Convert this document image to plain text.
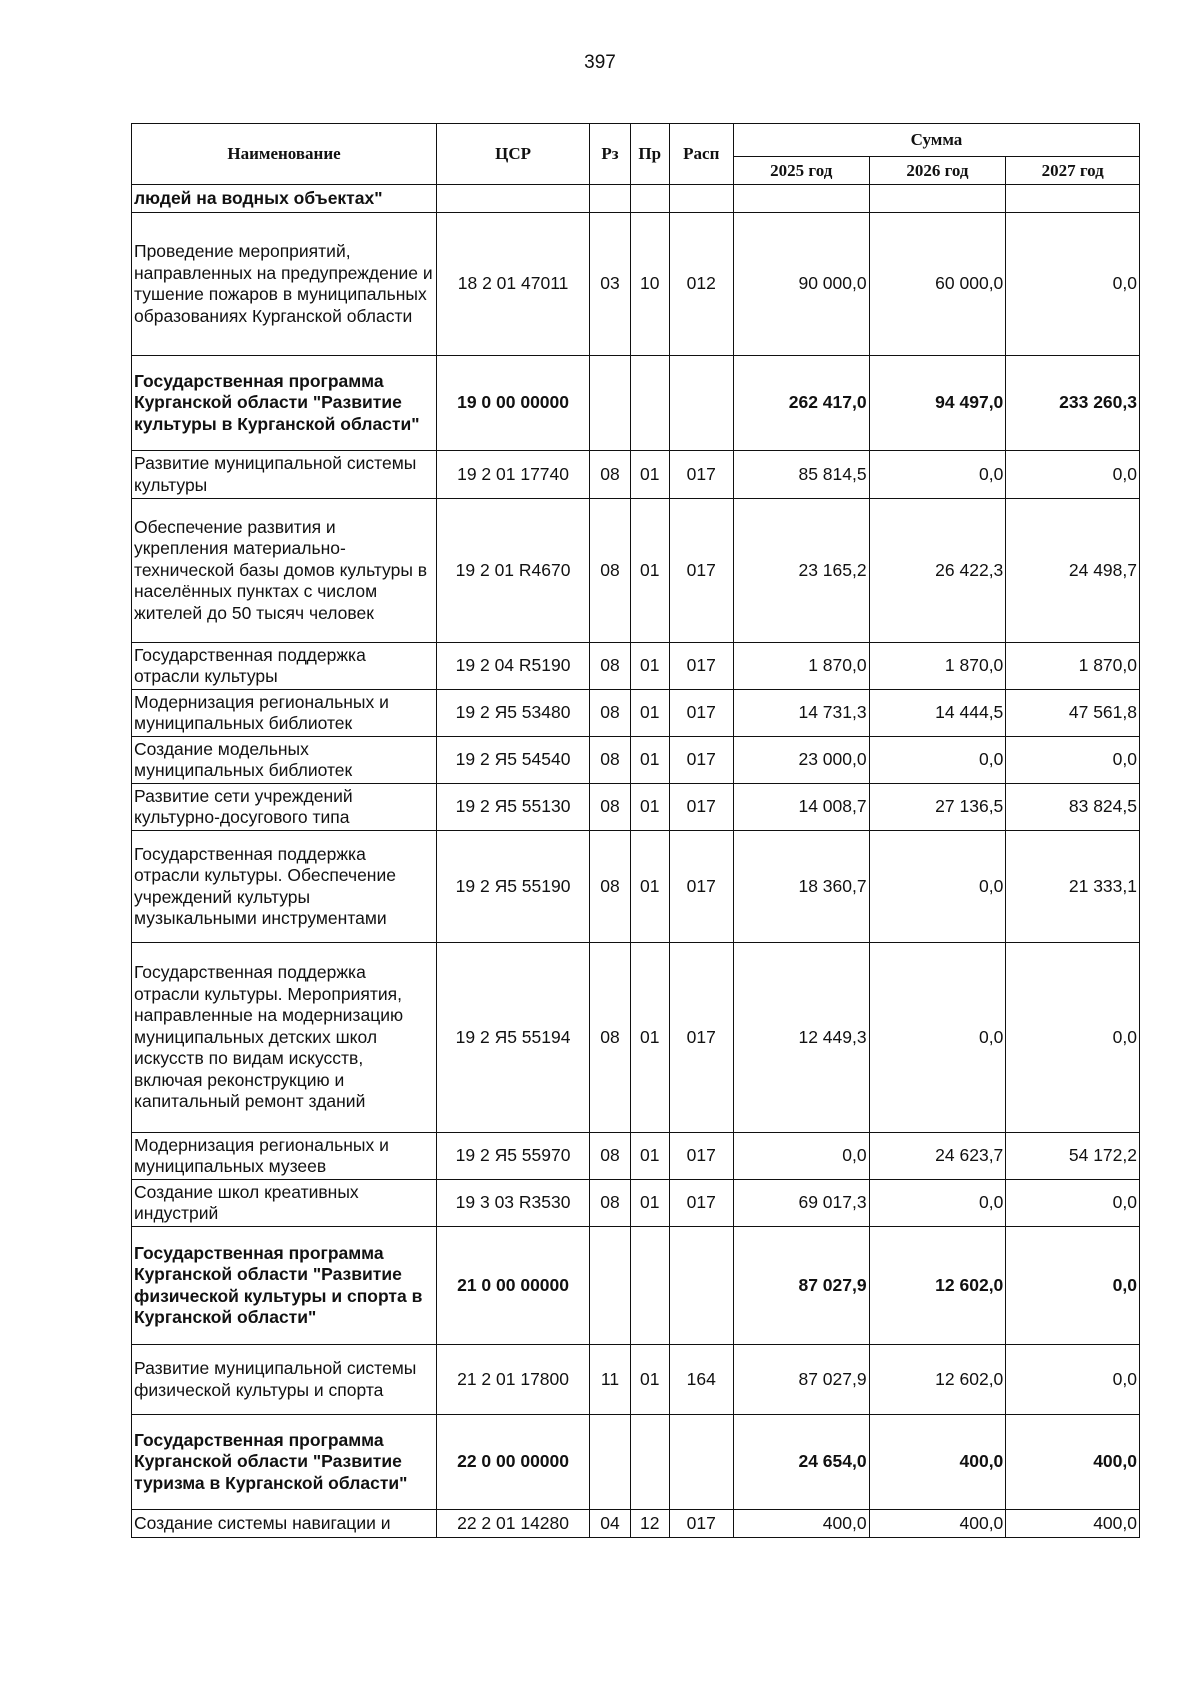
397
Наименование	ЦСР	Рз	Пр	Расп	Сумма		
					2025 год	2026 год	2027 год
людей на водных объектах"							
Проведение мероприятий, направленных на предупреждение и тушение пожаров в муниципальных образованиях Курганской области	18 2 01 47011	03	10	012	90 000,0	60 000,0	0,0
Государственная программа Курганской области "Развитие культуры в Курганской области"	19 0 00 00000				262 417,0	94 497,0	233 260,3
Развитие муниципальной системы культуры	19 2 01 17740	08	01	017	85 814,5	0,0	0,0
Обеспечение развития и укрепления материально-технической базы домов культуры в населённых пунктах с числом жителей до 50 тысяч человек	19 2 01 R4670	08	01	017	23 165,2	26 422,3	24 498,7
Государственная поддержка отрасли культуры	19 2 04 R5190	08	01	017	1 870,0	1 870,0	1 870,0
Модернизация региональных и муниципальных библиотек	19 2 Я5 53480	08	01	017	14 731,3	14 444,5	47 561,8
Создание модельных муниципальных библиотек	19 2 Я5 54540	08	01	017	23 000,0	0,0	0,0
Развитие сети учреждений культурно-досугового типа	19 2 Я5 55130	08	01	017	14 008,7	27 136,5	83 824,5
Государственная поддержка отрасли культуры. Обеспечение учреждений культуры музыкальными инструментами	19 2 Я5 55190	08	01	017	18 360,7	0,0	21 333,1
Государственная поддержка отрасли культуры. Мероприятия, направленные на модернизацию муниципальных детских школ искусств по видам искусств, включая реконструкцию и капитальный ремонт зданий	19 2 Я5 55194	08	01	017	12 449,3	0,0	0,0
Модернизация региональных и муниципальных музеев	19 2 Я5 55970	08	01	017	0,0	24 623,7	54 172,2
Создание школ креативных индустрий	19 3 03 R3530	08	01	017	69 017,3	0,0	0,0
Государственная программа Курганской области "Развитие физической культуры и спорта в Курганской области"	21 0 00 00000				87 027,9	12 602,0	0,0
Развитие муниципальной системы физической культуры и спорта	21 2 01 17800	11	01	164	87 027,9	12 602,0	0,0
Государственная программа Курганской области "Развитие туризма в Курганской области"	22 0 00 00000				24 654,0	400,0	400,0
Создание системы навигации и	22 2 01 14280	04	12	017	400,0	400,0	400,0
